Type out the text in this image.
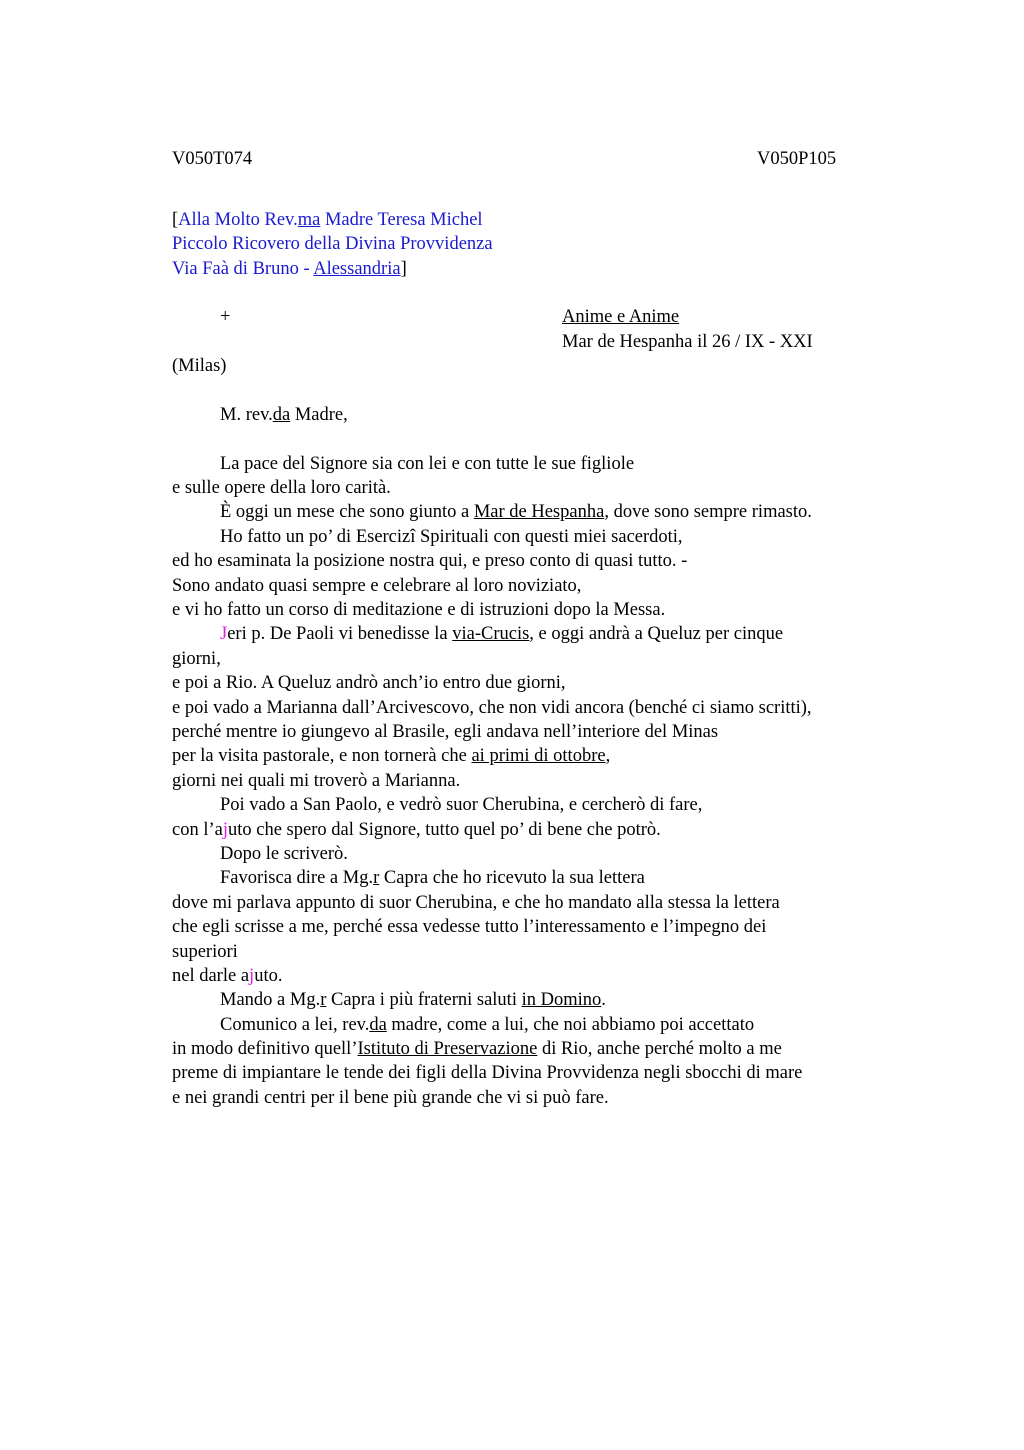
V050T074	V050P105
[Alla Molto Rev.ma Madre Teresa Michel
Piccolo Ricovero della Divina Provvidenza
Via Faà di Bruno - Alessandria]
+	Anime e Anime
Mar de Hespanha il 26 / IX - XXI
(Milas)
M. rev.da Madre,
La pace del Signore sia con lei e con tutte le sue figliole
e sulle opere della loro carità.
È oggi un mese che sono giunto a Mar de Hespanha, dove sono sempre rimasto.
Ho fatto un po’ di Esercizi Spirituali con questi miei sacerdoti,
ed ho esaminata la posizione nostra qui, e preso conto di quasi tutto. -
Sono andato quasi sempre e celebrare al loro noviziato,
e vi ho fatto un corso di meditazione e di istruzioni dopo la Messa.
Jeri p. De Paoli vi benedisse la via-Crucis, e oggi andrà a Queluz per cinque
giorni,
e poi a Rio. A Queluz andrò anch’io entro due giorni,
e poi vado a Marianna dall’Arcivescovo, che non vidi ancora (benché ci siamo scritti),
perché mentre io giungevo al Brasile, egli andava nell’interiore del Minas
per la visita pastorale, e non tornerà che ai primi di ottobre,
giorni nei quali mi troverò a Marianna.
Poi vado a San Paolo, e vedrò suor Cherubina, e cercherò di fare,
con l’ajuto che spero dal Signore, tutto quel po’ di bene che potrò.
Dopo le scriverò.
Favorisca dire a Mg.r Capra che ho ricevuto la sua lettera
dove mi parlava appunto di suor Cherubina, e che ho mandato alla stessa la lettera
che egli scrisse a me, perché essa vedesse tutto l’interessamento e l’impegno dei
superiori
nel darle ajuto.
Mando a Mg.r Capra i più fraterni saluti in Domino.
Comunico a lei, rev.da madre, come a lui, che noi abbiamo poi accettato
in modo definitivo quell’Istituto di Preservazione di Rio, anche perché molto a me
preme di impiantare le tende dei figli della Divina Provvidenza negli sbocchi di mare
e nei grandi centri per il bene più grande che vi si può fare.
